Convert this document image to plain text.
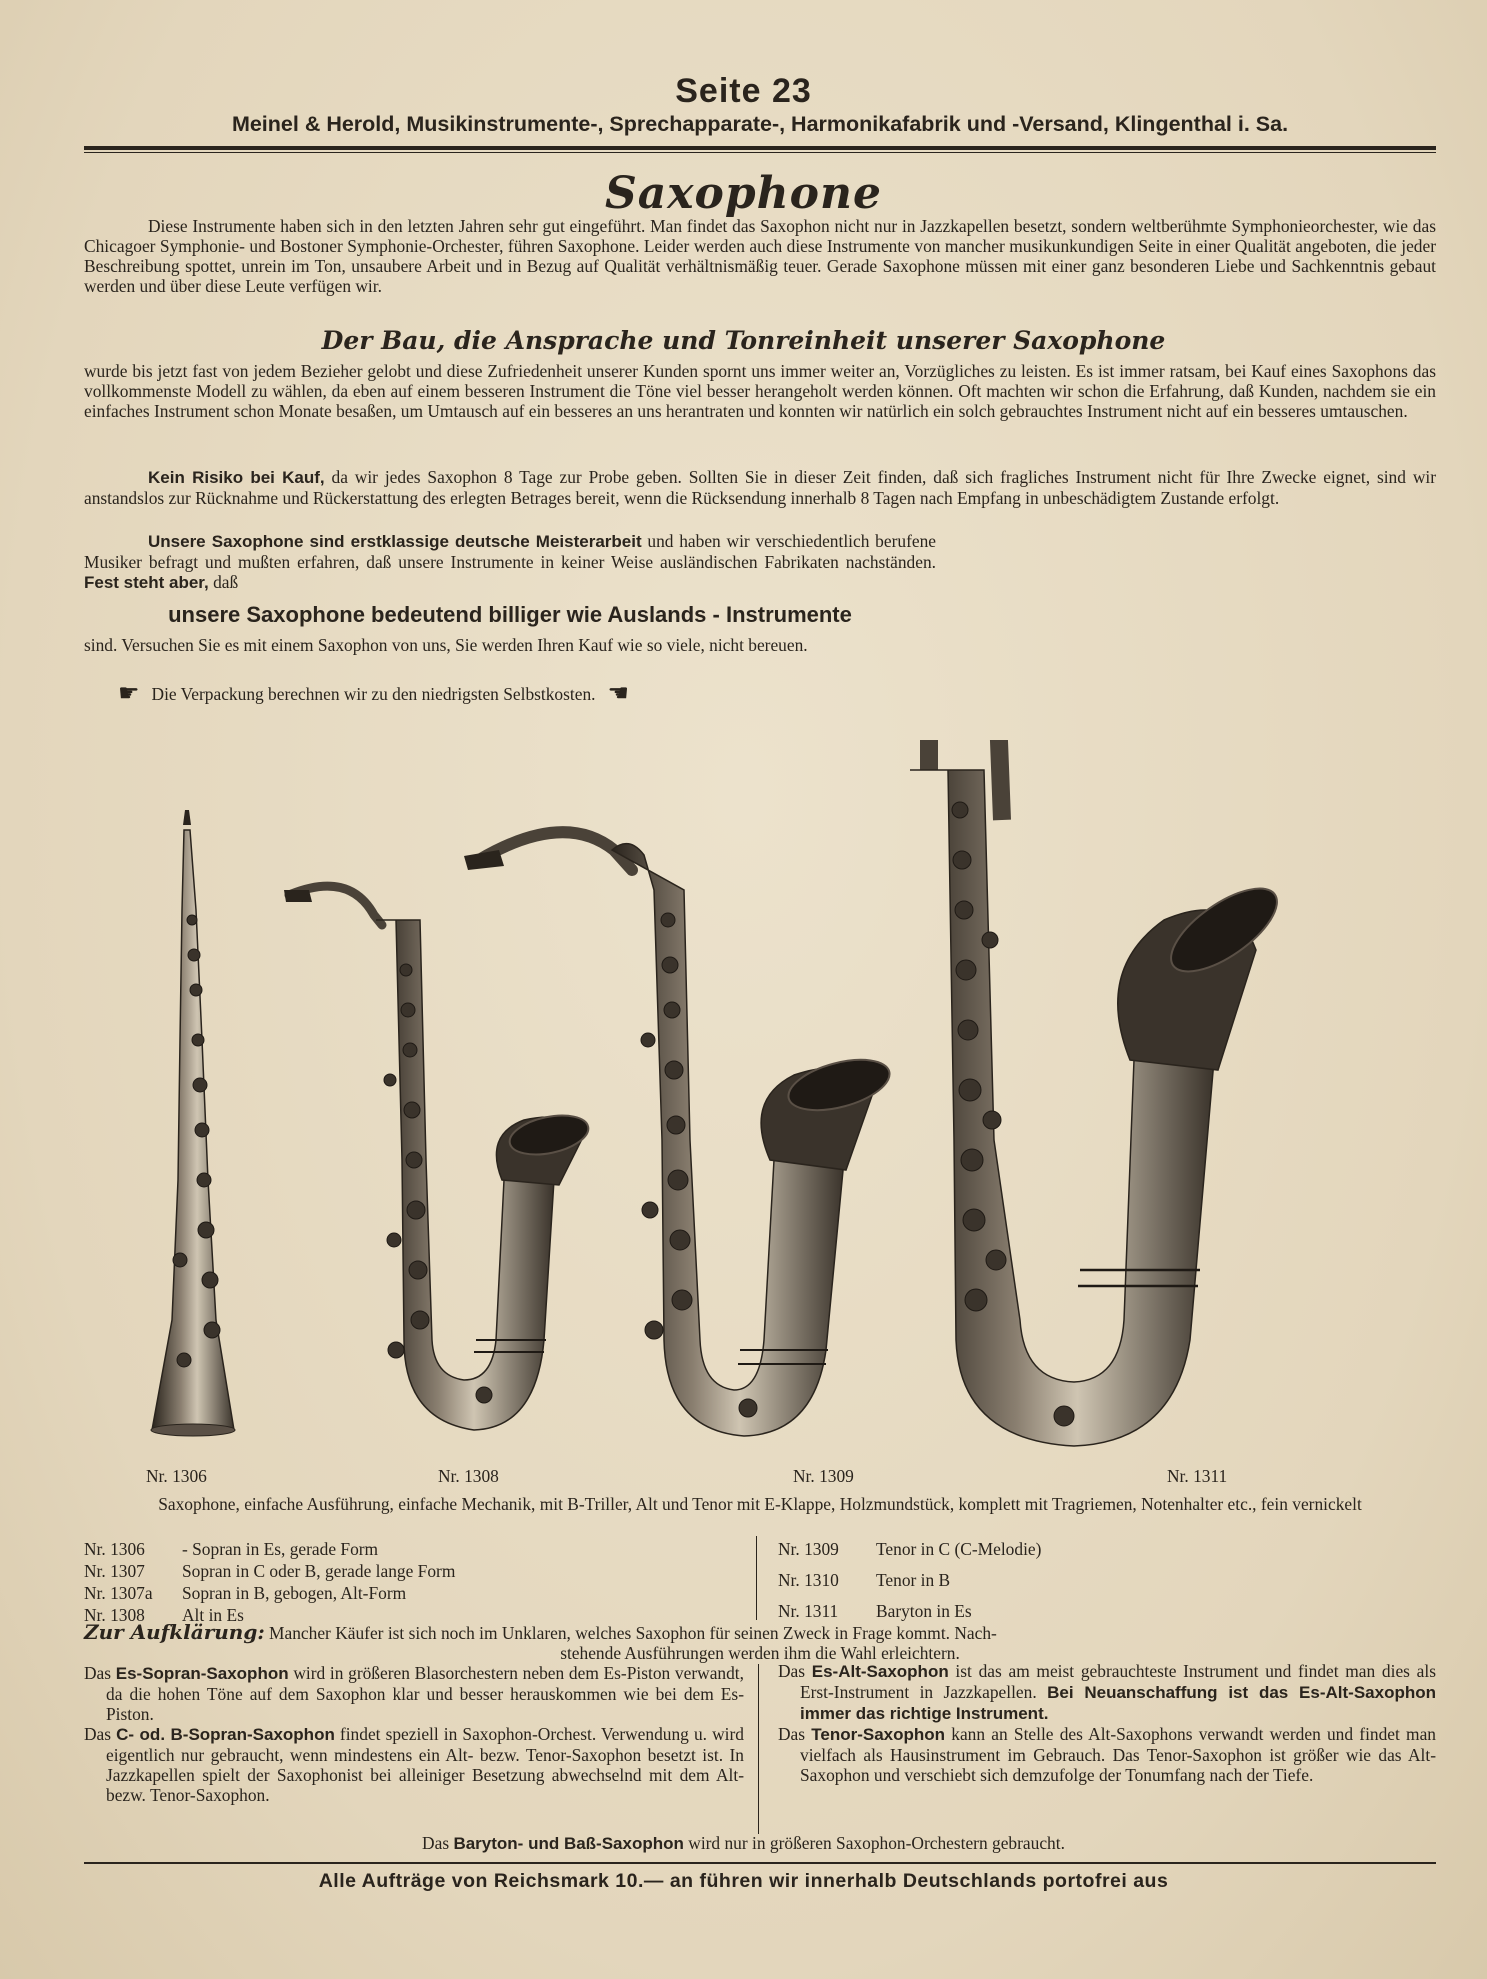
Seite 23
Meinel & Herold, Musikinstrumente-, Sprechapparate-, Harmonikafabrik und -Versand, Klingenthal i. Sa.
Saxophone

Diese Instrumente haben sich in den letzten Jahren sehr gut eingeführt. Man findet das Saxophon nicht nur in Jazzkapellen besetzt, sondern weltberühmte Symphonieorchester, wie das Chicagoer Symphonie- und Bostoner Symphonie-Orchester, führen Saxophone. Leider werden auch diese Instrumente von mancher musikunkundigen Seite in einer Qualität angeboten, die jeder Beschreibung spottet, unrein im Ton, unsaubere Arbeit und in Bezug auf Qualität verhältnismäßig teuer. Gerade Saxophone müssen mit einer ganz besonderen Liebe und Sachkenntnis gebaut werden und über diese Leute verfügen wir.

Der Bau, die Ansprache und Tonreinheit unserer Saxophone

wurde bis jetzt fast von jedem Bezieher gelobt und diese Zufriedenheit unserer Kunden spornt uns immer weiter an, Vorzügliches zu leisten. Es ist immer ratsam, bei Kauf eines Saxophons das vollkommenste Modell zu wählen, da eben auf einem besseren Instrument die Töne viel besser herangeholt werden können. Oft machten wir schon die Erfahrung, daß Kunden, nachdem sie ein einfaches Instrument schon Monate besaßen, um Umtausch auf ein besseres an uns herantraten und konnten wir natürlich ein solch gebrauchtes Instrument nicht auf ein besseres umtauschen.

Kein Risiko bei Kauf, da wir jedes Saxophon 8 Tage zur Probe geben. Sollten Sie in dieser Zeit finden, daß sich fragliches Instrument nicht für Ihre Zwecke eignet, sind wir anstandslos zur Rücknahme und Rückerstattung des erlegten Betrages bereit, wenn die Rücksendung innerhalb 8 Tagen nach Empfang in unbeschädigtem Zustande erfolgt.

Unsere Saxophone sind erstklassige deutsche Meisterarbeit und haben wir verschiedentlich berufene Musiker befragt und mußten erfahren, daß unsere Instrumente in keiner Weise ausländischen Fabrikaten nachständen. Fest steht aber, daß

unsere Saxophone bedeutend billiger wie Auslands - Instrumente

sind. Versuchen Sie es mit einem Saxophon von uns, Sie werden Ihren Kauf wie so viele, nicht bereuen.

☛ Die Verpackung berechnen wir zu den niedrigsten Selbstkosten. ☚
Nr. 1306	Nr. 1308	Nr. 1309	Nr. 1311

Saxophone, einfache Ausführung, einfache Mechanik, mit B-Triller, Alt und Tenor mit E-Klappe, Holzmundstück, komplett mit Tragriemen, Notenhalter etc., fein vernickelt

Nr. 1306 - Sopran in Es, gerade Form
Nr. 1307 Sopran in C oder B, gerade lange Form
Nr. 1307a Sopran in B, gebogen, Alt-Form
Nr. 1308 Alt in Es
Nr. 1309 Tenor in C (C-Melodie)
Nr. 1310 Tenor in B
Nr. 1311 Baryton in Es
Zur Aufklärung: Mancher Käufer ist sich noch im Unklaren, welches Saxophon für seinen Zweck in Frage kommt. Nach-
stehende Ausführungen werden ihm die Wahl erleichtern.

Das Es-Sopran-Saxophon wird in größeren Blasorchestern neben dem Es-Piston verwandt, da die hohen Töne auf dem Saxophon klar und besser herauskommen wie bei dem Es-Piston.

Das C- od. B-Sopran-Saxophon findet speziell in Saxophon-Orchest. Verwendung u. wird eigentlich nur gebraucht, wenn mindestens ein Alt- bezw. Tenor-Saxophon besetzt ist. In Jazzkapellen spielt der Saxophonist bei alleiniger Besetzung abwechselnd mit dem Alt- bezw. Tenor-Saxophon.

Das Es-Alt-Saxophon ist das am meist gebrauchteste Instrument und findet man dies als Erst-Instrument in Jazzkapellen. Bei Neuanschaffung ist das Es-Alt-Saxophon immer das richtige Instrument.

Das Tenor-Saxophon kann an Stelle des Alt-Saxophons verwandt werden und findet man vielfach als Hausinstrument im Gebrauch. Das Tenor-Saxophon ist größer wie das Alt-Saxophon und verschiebt sich demzufolge der Tonumfang nach der Tiefe.

Das Baryton- und Baß-Saxophon wird nur in größeren Saxophon-Orchestern gebraucht.
Alle Aufträge von Reichsmark 10.— an führen wir innerhalb Deutschlands portofrei aus
